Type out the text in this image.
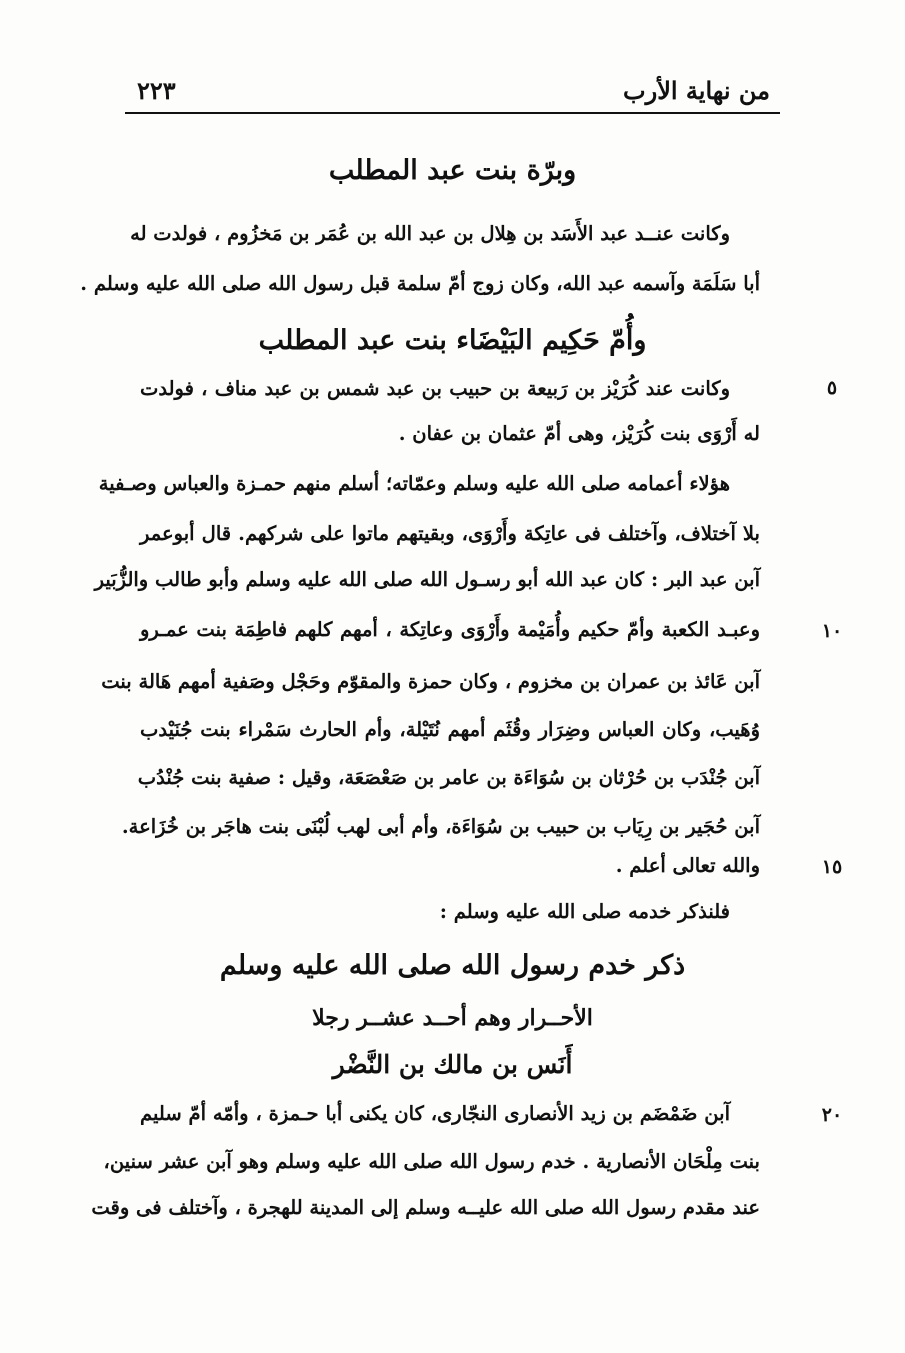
من نهاية الأرب
٢٢٣
وبرّة بنت عبد المطلب
وكانت عنــد عبد الأَسَد بن هِلال بن عبد الله بن عُمَر بن مَخزُوم ، فولدت له
أبا سَلَمَة وآسمه عبد الله، وكان زوج أمّ سلمة قبل رسول الله صلى الله عليه وسلم .
وأُمّ حَكِيم البَيْضَاء بنت عبد المطلب
وكانت عند كُرَيْز بن رَبيعة بن حبيب بن عبد شمس بن عبد مناف ، فولدت	٥
له أَرْوَى بنت كُرَيْز، وهى أمّ عثمان بن عفان .
هؤلاء أعمامه صلى الله عليه وسلم وعمّاته؛ أسلم منهم حمـزة والعباس وصـفية
بلا آختلاف، وآختلف فى عاتِكة وأَرْوَى، وبقيتهم ماتوا على شركهم. قال أبوعمر
آبن عبد البر : كان عبد الله أبو رسـول الله صلى الله عليه وسلم وأبو طالب والزُّبَير
وعبـد الكعبة وأمّ حكيم وأُمَيْمة وأَرْوَى وعاتِكة ، أمهم كلهم فاطِمَة بنت عمـرو	١٠
آبن عَائذ بن عمران بن مخزوم ، وكان حمزة والمقوّم وحَجْل وصَفية أمهم هَالة بنت
وُهَيب، وكان العباس وضِرَار وقُثَم أمهم نُتَيْلة، وأم الحارث سَمْراء بنت جُنَيْدب
آبن جُنْدَب بن حُرْثان بن سُوَاءَة بن عامر بن صَعْصَعَة، وقيل : صفية بنت جُنْدُب
آبن حُجَير بن رِيَاب بن حبيب بن سُوَاءَة، وأم أبى لهب لُبْنَى بنت هاجَر بن خُزَاعة.
والله تعالى أعلم .	١٥
فلنذكر خدمه صلى الله عليه وسلم :
ذكر خدم رسول الله صلى الله عليه وسلم
الأحــرار وهم أحــد عشــر رجلا
أَنَس بن مالك بن النَّضْر
آبن ضَمْضَم بن زيد الأنصارى النجّارى، كان يكنى أبا حـمزة ، وأمّه أمّ سليم	٢٠
بنت مِلْحَان الأنصارية . خدم رسول الله صلى الله عليه وسلم وهو آبن عشر سنين،
عند مقدم رسول الله صلى الله عليــه وسلم إلى المدينة للهجرة ، وآختلف فى وقت
